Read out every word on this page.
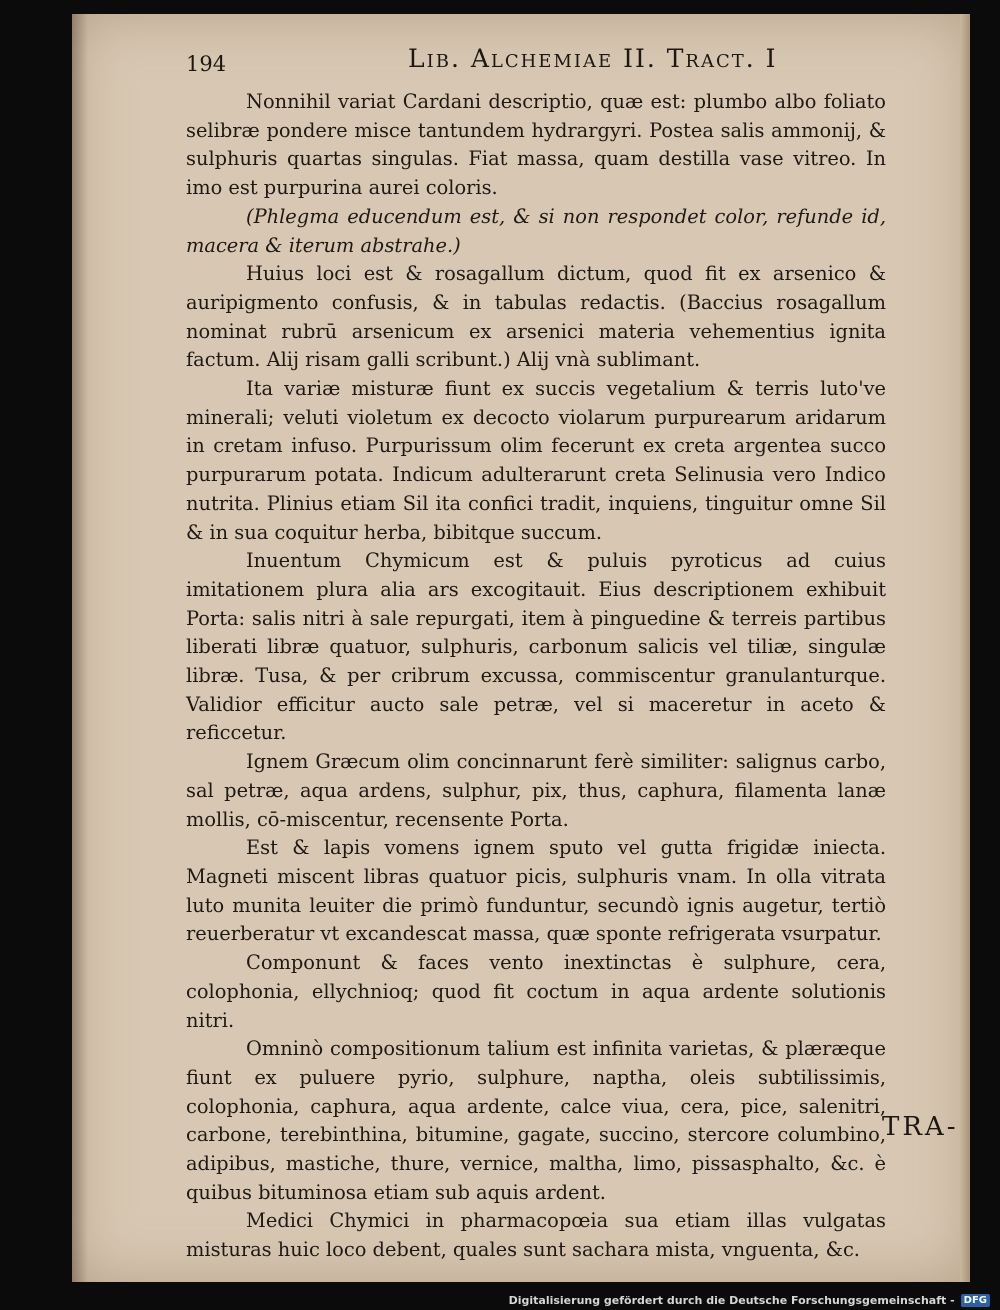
194	Lib. Alchemiae II. Tract. I

Nonnihil variat Cardani descriptio, quæ est: plumbo albo foliato selibræ pondere misce tantundem hydrargyri. Postea salis ammonij, & sulphuris quartas singulas. Fiat massa, quam destilla vase vitreo. In imo est purpurina aurei coloris.

(Phlegma educendum est, & si non respondet color, refunde id, macera & iterum abstrahe.)

Huius loci est & rosagallum dictum, quod fit ex arsenico & auripigmento confusis, & in tabulas redactis. (Baccius rosagallum nominat rubrū arsenicum ex arsenici materia vehementius ignita factum. Alij risam galli scribunt.) Alij vnà sublimant.

Ita variæ misturæ fiunt ex succis vegetalium & terris luto've minerali; veluti violetum ex decocto violarum purpurearum aridarum in cretam infuso. Purpurissum olim fecerunt ex creta argentea succo purpurarum potata. Indicum adulterarunt creta Selinusia vero Indico nutrita. Plinius etiam Sil ita confici tradit, inquiens, tinguitur omne Sil & in sua coquitur herba, bibitque succum.

Inuentum Chymicum est & puluis pyroticus ad cuius imitationem plura alia ars excogitauit. Eius descriptionem exhibuit Porta: salis nitri à sale repurgati, item à pinguedine & terreis partibus liberati libræ quatuor, sulphuris, carbonum salicis vel tiliæ, singulæ libræ. Tusa, & per cribrum excussa, commiscentur granulanturque. Validior efficitur aucto sale petræ, vel si maceretur in aceto & reficcetur.

Ignem Græcum olim concinnarunt ferè similiter: salignus carbo, sal petræ, aqua ardens, sulphur, pix, thus, caphura, filamenta lanæ mollis, cō-miscentur, recensente Porta.

Est & lapis vomens ignem sputo vel gutta frigidæ iniecta. Magneti miscent libras quatuor picis, sulphuris vnam. In olla vitrata luto munita leuiter die primò funduntur, secundò ignis augetur, tertiò reuerberatur vt excandescat massa, quæ sponte refrigerata vsurpatur.

Componunt & faces vento inextinctas è sulphure, cera, colophonia, ellychnioq; quod fit coctum in aqua ardente solutionis nitri.

Omninò compositionum talium est infinita varietas, & plæræque fiunt ex puluere pyrio, sulphure, naptha, oleis subtilissimis, colophonia, caphura, aqua ardente, calce viua, cera, pice, salenitri, carbone, terebinthina, bitumine, gagate, succino, stercore columbino, adipibus, mastiche, thure, vernice, maltha, limo, pissasphalto, &c. è quibus bituminosa etiam sub aquis ardent.

Medici Chymici in pharmacopœia sua etiam illas vulgatas misturas huic loco debent, quales sunt sachara mista, vnguenta, &c.

TRA-
Digitalisierung gefördert durch die Deutsche Forschungsgemeinschaft - DFG
